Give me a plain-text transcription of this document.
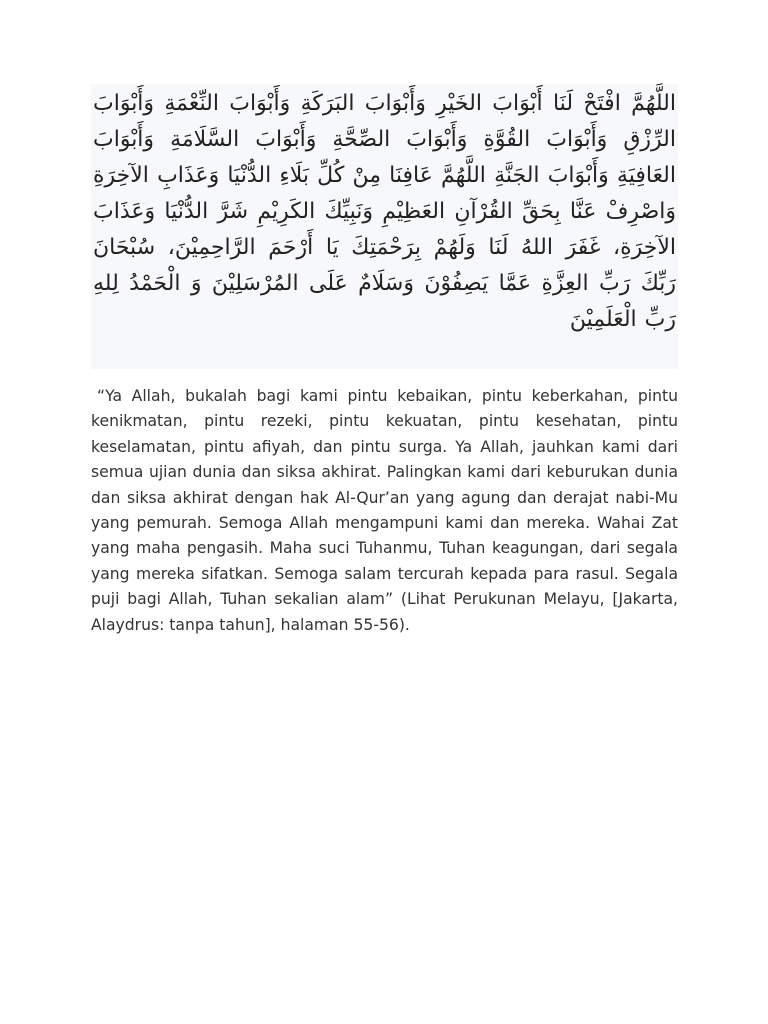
اللَّهُمَّ افْتَحْ لَنَا أَبْوَابَ الخَيْرِ وَأَبْوَابَ البَرَكَةِ وَأَبْوَابَ النِّعْمَةِ وَأَبْوَابَ الرِّزْقِ وَأَبْوَابَ القُوَّةِ وَأَبْوَابَ الصِّحَّةِ وَأَبْوَابَ السَّلَامَةِ وَأَبْوَابَ العَافِيَةِ وَأَبْوَابَ الجَنَّةِ اللَّهُمَّ عَافِنَا مِنْ كُلِّ بَلَاءِ الدُّنْيَا وَعَذَابِ الآخِرَةِ وَاصْرِفْ عَنَّا بِحَقِّ القُرْآنِ العَظِيْمِ وَنَبِيِّكَ الكَرِيْمِ شَرَّ الدُّنْيَا وَعَذَابَ الآخِرَةِ، غَفَرَ اللهُ لَنَا وَلَهُمْ بِرَحْمَتِكَ يَا أَرْحَمَ الرَّاحِمِيْنَ، سُبْحَانَ رَبِّكَ رَبِّ العِزَّةِ عَمَّا يَصِفُوْنَ وَسَلَامٌ عَلَى المُرْسَلِيْنَ وَ الْحَمْدُ لِلهِ رَبِّ الْعَلَمِيْنَ

“Ya Allah, bukalah bagi kami pintu kebaikan, pintu keberkahan, pintu kenikmatan, pintu rezeki, pintu kekuatan, pintu kesehatan, pintu keselamatan, pintu afiyah, dan pintu surga. Ya Allah, jauhkan kami dari semua ujian dunia dan siksa akhirat. Palingkan kami dari keburukan dunia dan siksa akhirat dengan hak Al-Qur’an yang agung dan derajat nabi-Mu yang pemurah. Semoga Allah mengampuni kami dan mereka. Wahai Zat yang maha pengasih. Maha suci Tuhanmu, Tuhan keagungan, dari segala yang mereka sifatkan. Semoga salam tercurah kepada para rasul. Segala puji bagi Allah, Tuhan sekalian alam” (Lihat Perukunan Melayu, [Jakarta, Alaydrus: tanpa tahun], halaman 55-56).
